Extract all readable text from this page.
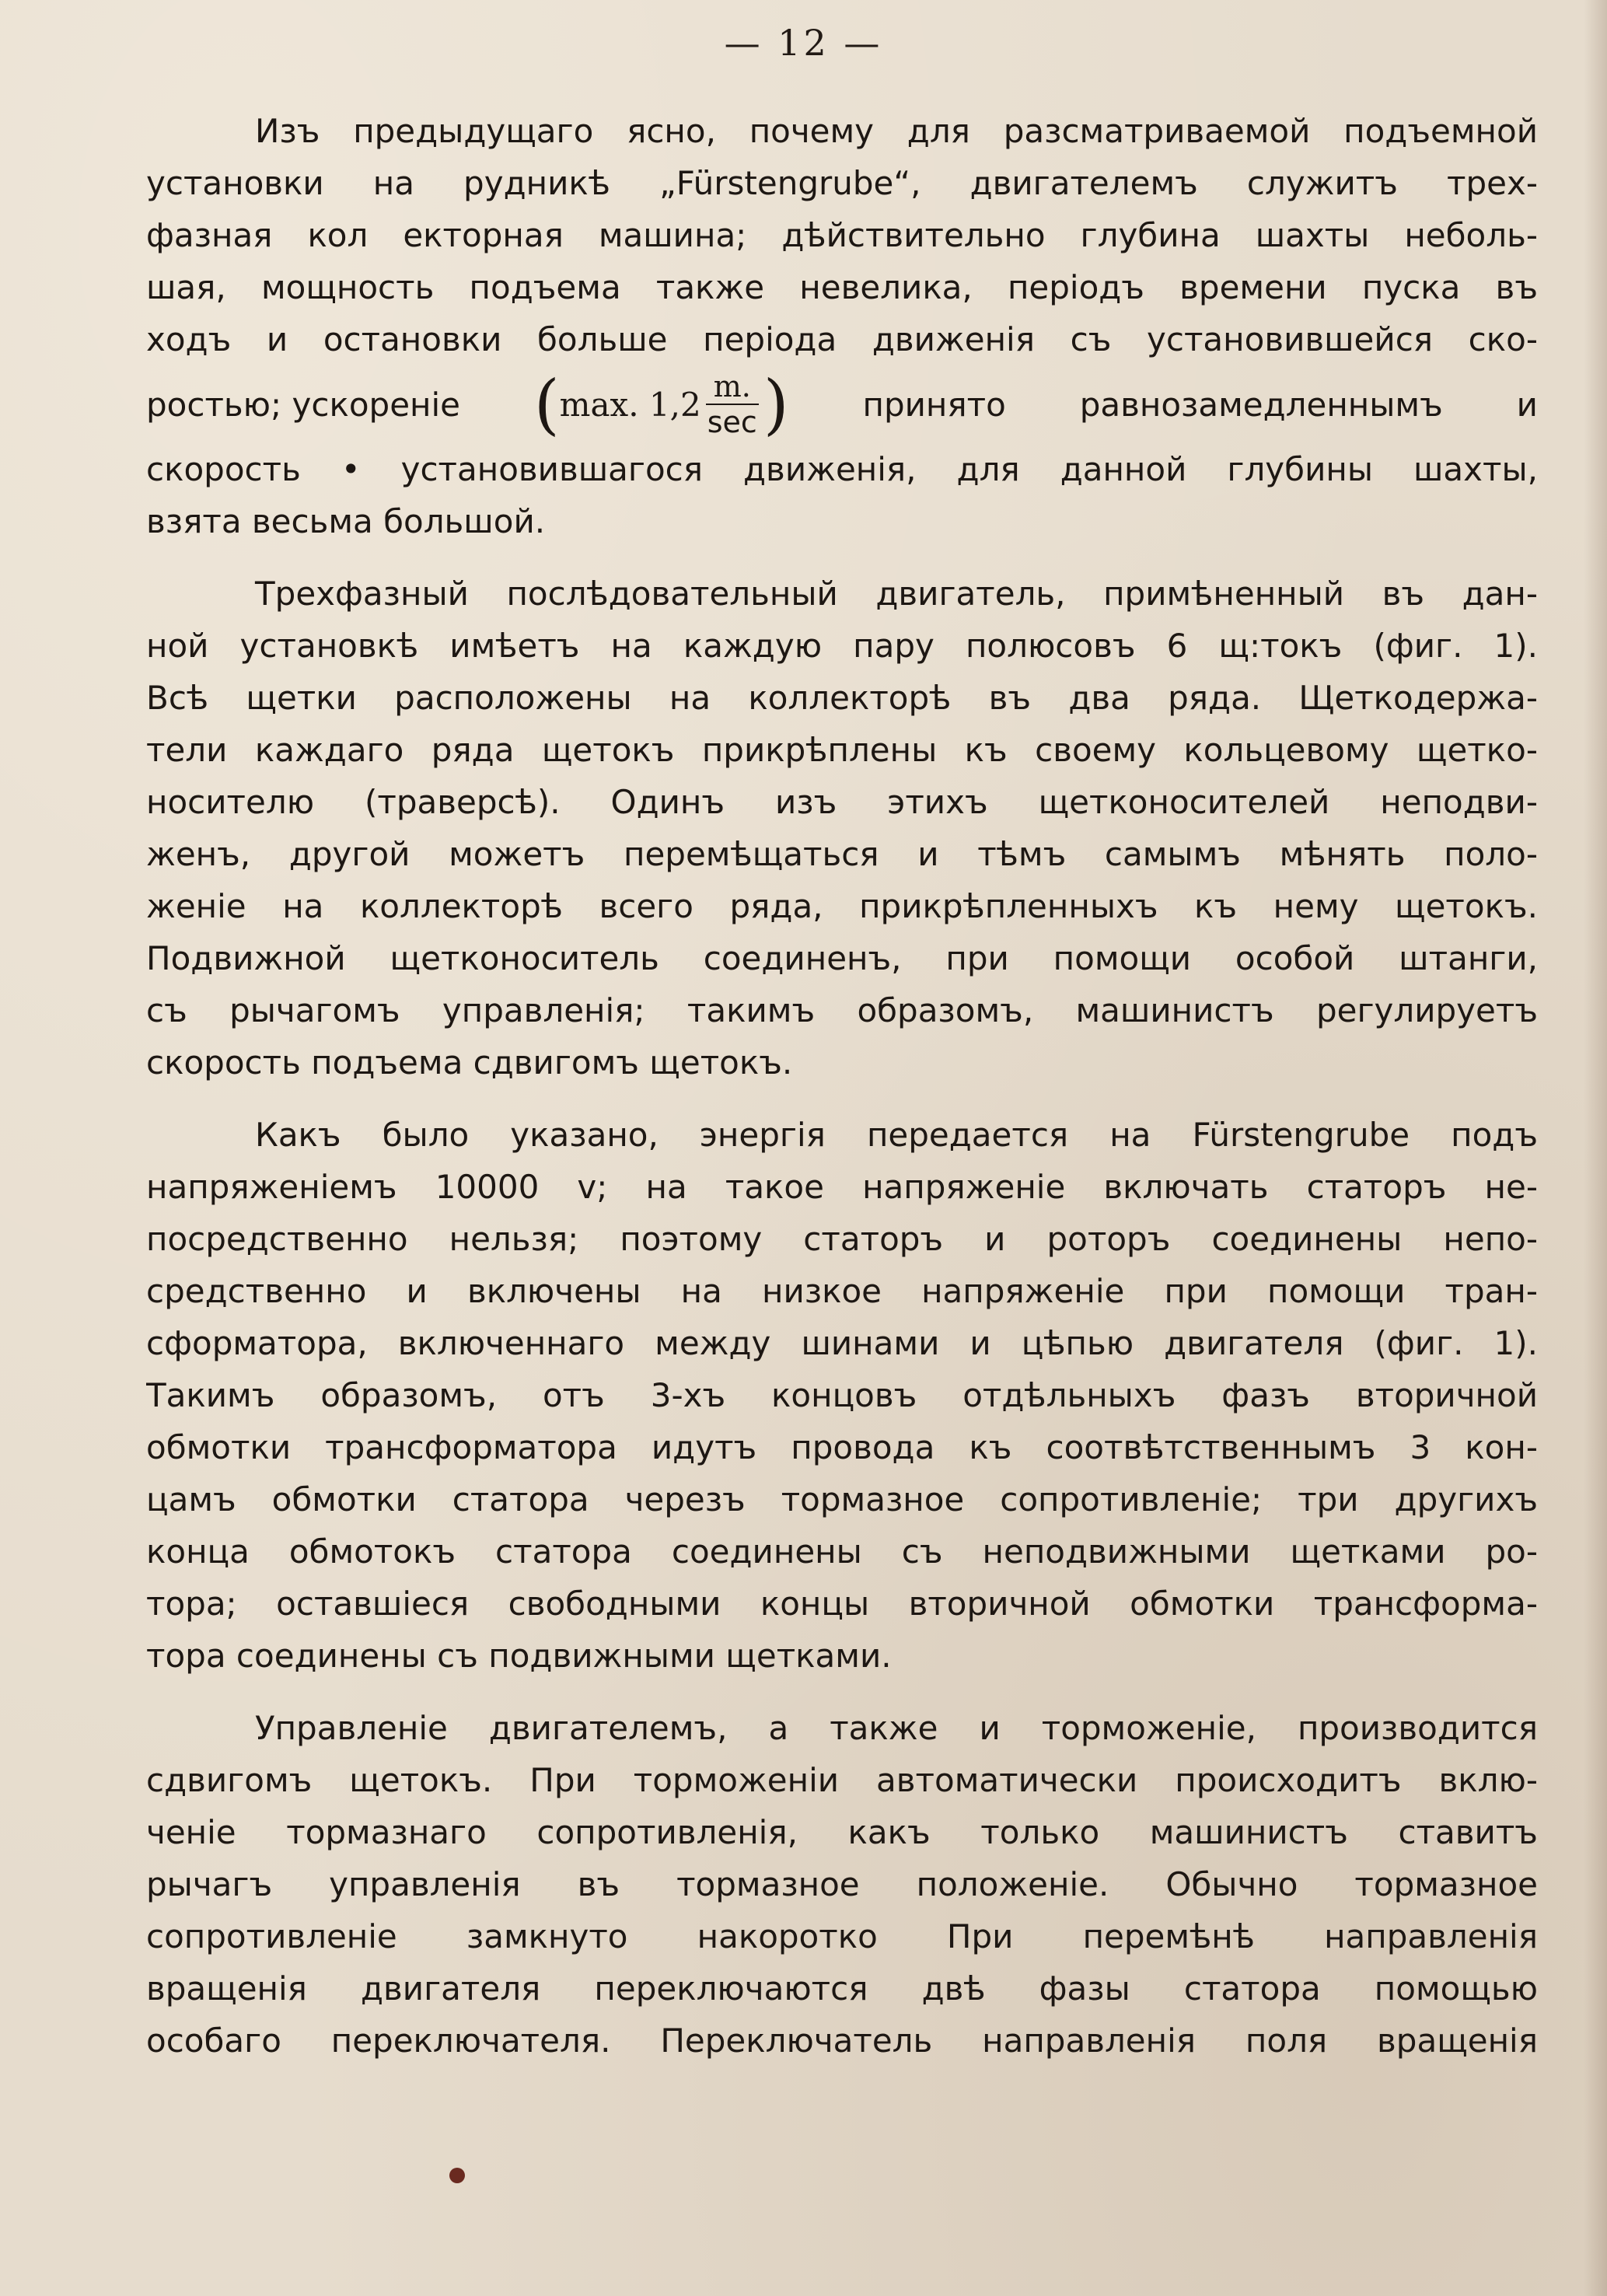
— 12 —
Изъ предыдущаго ясно, почему для разсматриваемой подъемной
установки на рудникѣ „Fürstengrube“, двигателемъ служитъ трех-
фазная кол екторная машина; дѣйствительно глубина шахты неболь-
шая, мощность подъема также невелика, періодъ времени пуска въ
ходъ и остановки больше періода движенія съ установившейся ско-
ростью; ускореніе ( max. $1,2 \frac{m.}{\sec}$ ) принято равнозамедленнымъ и
скорость • установившагося движенія, для данной глубины шахты,
взята весьма большой.
Трехфазный послѣдовательный двигатель, примѣненный въ дан-
ной установкѣ имѣетъ на каждую пару полюсовъ 6 щ:токъ (фиг. 1).
Всѣ щетки расположены на коллекторѣ въ два ряда. Щеткодержа-
тели каждаго ряда щетокъ прикрѣплены къ своему кольцевому щетко-
носителю (траверсѣ). Одинъ изъ этихъ щетконосителей неподви-
женъ, другой можетъ перемѣщаться и тѣмъ самымъ мѣнять поло-
женіе на коллекторѣ всего ряда, прикрѣпленныхъ къ нему щетокъ.
Подвижной щетконоситель соединенъ, при помощи особой штанги,
съ рычагомъ управленія; такимъ образомъ, машинистъ регулируетъ
скорость подъема сдвигомъ щетокъ.
Какъ было указано, энергія передается на Fürstengrube подъ
напряженіемъ 10000 v; на такое напряженіе включать статоръ не-
посредственно нельзя; поэтому статоръ и роторъ соединены непо-
средственно и включены на низкое напряженіе при помощи тран-
сформатора, включеннаго между шинами и цѣпью двигателя (фиг. 1).
Такимъ образомъ, отъ 3-хъ концовъ отдѣльныхъ фазъ вторичной
обмотки трансформатора идутъ провода къ соотвѣтственнымъ 3 кон-
цамъ обмотки статора черезъ тормазное сопротивленіе; три другихъ
конца обмотокъ статора соединены съ неподвижными щетками ро-
тора; оставшіеся свободными концы вторичной обмотки трансформа-
тора соединены съ подвижными щетками.
Управленіе двигателемъ, а также и торможеніе, производится
сдвигомъ щетокъ. При торможеніи автоматически происходитъ вклю-
ченіе тормазнаго сопротивленія, какъ только машинистъ ставитъ
рычагъ управленія въ тормазное положеніе. Обычно тормазное
сопротивленіе замкнуто накоротко При перемѣнѣ направленія
вращенія двигателя переключаются двѣ фазы статора помощью
особаго переключателя. Переключатель направленія поля вращенія
